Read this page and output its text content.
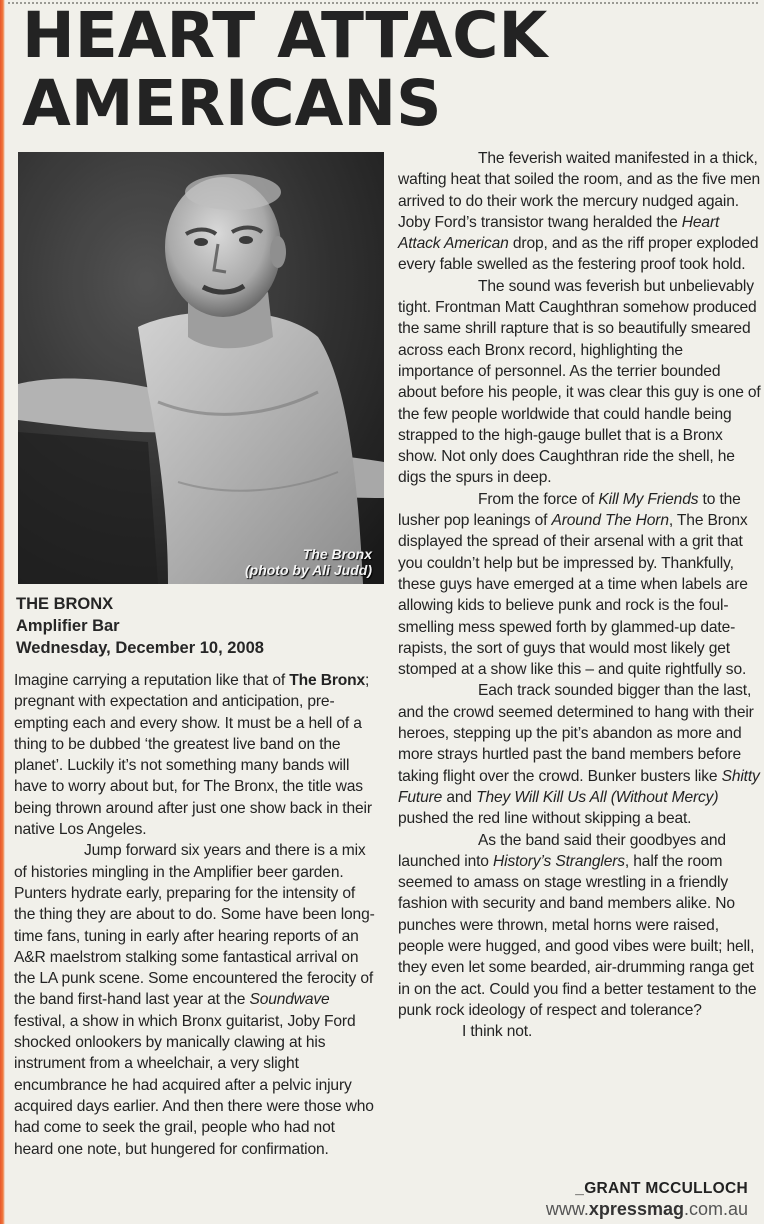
HEART ATTACK
AMERICANS
The Bronx
(photo by Ali Judd)
THE BRONX
Amplifier Bar
Wednesday, December 10, 2008

Imagine carrying a reputation like that of The Bronx; pregnant with expectation and anticipation, pre-empting each and every show. It must be a hell of a thing to be dubbed ‘the greatest live band on the planet’. Luckily it’s not something many bands will have to worry about but, for The Bronx, the title was being thrown around after just one show back in their native Los Angeles.

Jump forward six years and there is a mix of histories mingling in the Amplifier beer garden. Punters hydrate early, preparing for the intensity of the thing they are about to do. Some have been long-time fans, tuning in early after hearing reports of an A&R maelstrom stalking some fantastical arrival on the LA punk scene. Some encountered the ferocity of the band first-hand last year at the Soundwave festival, a show in which Bronx guitarist, Joby Ford shocked onlookers by manically clawing at his instrument from a wheelchair, a very slight encumbrance he had acquired after a pelvic injury acquired days earlier. And then there were those who had come to seek the grail, people who had not heard one note, but hungered for confirmation.

The feverish waited manifested in a thick, wafting heat that soiled the room, and as the five men arrived to do their work the mercury nudged again. Joby Ford’s transistor twang heralded the Heart Attack American drop, and as the riff proper exploded every fable swelled as the festering proof took hold.

The sound was feverish but unbelievably tight. Frontman Matt Caughthran somehow produced the same shrill rapture that is so beautifully smeared across each Bronx record, highlighting the importance of personnel. As the terrier bounded about before his people, it was clear this guy is one of the few people worldwide that could handle being strapped to the high-gauge bullet that is a Bronx show. Not only does Caughthran ride the shell, he digs the spurs in deep.

From the force of Kill My Friends to the lusher pop leanings of Around The Horn, The Bronx displayed the spread of their arsenal with a grit that you couldn’t help but be impressed by. Thankfully, these guys have emerged at a time when labels are allowing kids to believe punk and rock is the foul-smelling mess spewed forth by glammed-up date-rapists, the sort of guys that would most likely get stomped at a show like this – and quite rightfully so.

Each track sounded bigger than the last, and the crowd seemed determined to hang with their heroes, stepping up the pit’s abandon as more and more strays hurtled past the band members before taking flight over the crowd. Bunker busters like Shitty Future and They Will Kill Us All (Without Mercy) pushed the red line without skipping a beat.

As the band said their goodbyes and launched into History’s Stranglers, half the room seemed to amass on stage wrestling in a friendly fashion with security and band members alike. No punches were thrown, metal horns were raised, people were hugged, and good vibes were built; hell, they even let some bearded, air-drumming ranga get in on the act. Could you find a better testament to the punk rock ideology of respect and tolerance?

I think not.

_GRANT MCCULLOCH
www.xpressmag.com.au
